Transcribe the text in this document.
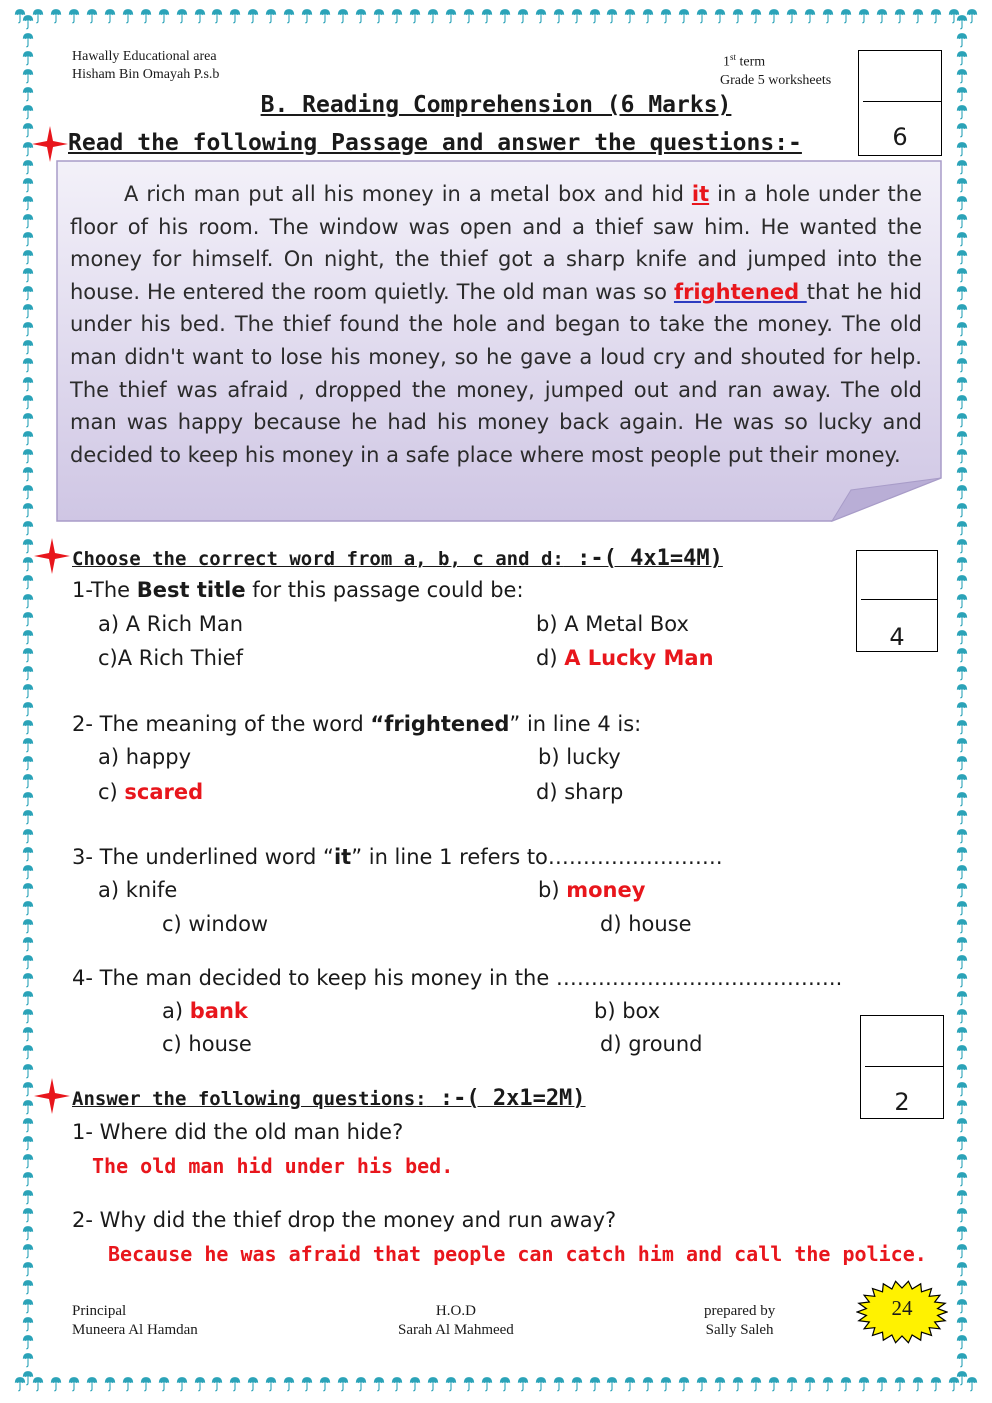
Hawally Educational area
Hisham Bin Omayah P.s.b
1st term
Grade 5 worksheets
6
B. Reading Comprehension (6 Marks)
Read the following Passage and answer the questions:-
A rich man put all his money in a metal box and hid it in a hole under the floor of his room. The window was open and a thief saw him. He wanted the money for himself. On night, the thief got a sharp knife and jumped into the house. He entered the room quietly. The old man was so frightened that he hid under his bed. The thief found the hole and began to take the money. The old man didn't want to lose his money, so he gave a loud cry and shouted for help. The thief was afraid , dropped the money, jumped out and ran away. The old man was happy because he had his money back again. He was so lucky and decided to keep his money in a safe place where most people put their money.
Choose the correct word from a, b, c and d: :-( 4x1=4M)
4
1-The Best title for this passage could be:
a) A Rich Man	b) A Metal Box
c)A Rich Thief	d) A Lucky Man
2- The meaning of the word “frightened” in line 4 is:
a) happy	b) lucky
c) scared	d) sharp
3- The underlined word “it” in line 1 refers to…………………….
a) knife	b) money
c) window	d) house
4- The man decided to keep his money in the …………………………………..
a) bank	b) box
c) house	d) ground
2
Answer the following questions: :-( 2x1=2M)
1- Where did the old man hide?
The old man hid under his bed.
2- Why did the thief drop the money and run away?
Because he was afraid that people can catch him and call the police.
Principal
Muneera Al Hamdan
H.O.D
Sarah Al Mahmeed
prepared by
Sally Saleh
24
